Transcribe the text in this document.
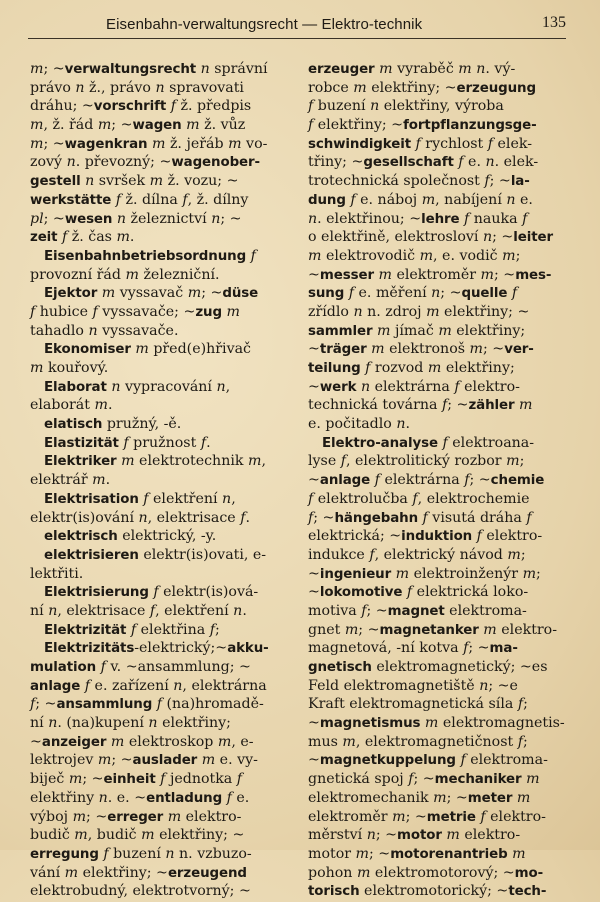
Eisenbahn-verwaltungsrecht — Elektro-technik	135
m; ~verwaltungsrecht n správní
právo n ž., právo n spravovati
dráhu; ~vorschrift f ž. předpis
m, ž. řád m; ~wagen m ž. vůz
m; ~wagenkran m ž. jeřáb m vo-
zový n. převozný; ~wagenober-
gestell n svršek m ž. vozu; ~
werkstätte f ž. dílna f, ž. dílny
pl; ~wesen n železnictví n; ~
zeit f ž. čas m.
Eisenbahnbetriebsordnung f
provozní řád m železniční.
Ejektor m vyssavač m; ~düse
f hubice f vyssavače; ~zug m
tahadlo n vyssavače.
Ekonomiser m před(e)hřivač
m kouřový.
Elaborat n vypracování n,
elaborát m.
elatisch pružný, -ě.
Elastizität f pružnost f.
Elektriker m elektrotechnik m,
elektrář m.
Elektrisation f elektření n,
elektr(is)ování n, elektrisace f.
elektrisch elektrický, -y.
elektrisieren elektr(is)ovati, e-
lektřiti.
Elektrisierung f elektr(is)ová-
ní n, elektrisace f, elektření n.
Elektrizität f elektřina f;
Elektrizitäts-elektrický;~akku-
mulation f v. ~ansammlung; ~
anlage f e. zařízení n, elektrárna
f; ~ansammlung f (na)hromadě-
ní n. (na)kupení n elektřiny;
~anzeiger m elektroskop m, e-
lektrojev m; ~auslader m e. vy-
biječ m; ~einheit f jednotka f
elektřiny n. e. ~entladung f e.
výboj m; ~erreger m elektro-
budič m, budič m elektřiny; ~
erregung f buzení n n. vzbuzo-
vání m elektřiny; ~erzeugend
elektrobudný, elektrotvorný; ~
erzeuger m vyraběč m n. vý-
robce m elektřiny; ~erzeugung
f buzení n elektřiny, výroba
f elektřiny; ~fortpflanzungsge-
schwindigkeit f rychlost f elek-
třiny; ~gesellschaft f e. n. elek-
trotechnická společnost f; ~la-
dung f e. náboj m, nabíjení n e.
n. elektřinou; ~lehre f nauka f
o elektřině, elektrosloví n; ~leiter
m elektrovodič m, e. vodič m;
~messer m elektroměr m; ~mes-
sung f e. měření n; ~quelle f
zřídlo n n. zdroj m elektřiny; ~
sammler m jímač m elektřiny;
~träger m elektronoš m; ~ver-
teilung f rozvod m elektřiny;
~werk n elektrárna f elektro-
technická továrna f; ~zähler m
e. počitadlo n.
Elektro-analyse f elektroana-
lyse f, elektrolitický rozbor m;
~anlage f elektrárna f; ~chemie
f elektrolučba f, elektrochemie
f; ~hängebahn f visutá dráha f
elektrická; ~induktion f elektro-
indukce f, elektrický návod m;
~ingenieur m elektroinženýr m;
~lokomotive f elektrická loko-
motiva f; ~magnet elektroma-
gnet m; ~magnetanker m elektro-
magnetová, -ní kotva f; ~ma-
gnetisch elektromagnetický; ~es
Feld elektromagnetiště n; ~e
Kraft elektromagnetická síla f;
~magnetismus m elektromagnetis-
mus m, elektromagnetičnost f;
~magnetkuppelung f elektroma-
gnetická spoj f; ~mechaniker m
elektromechanik m; ~meter m
elektroměr m; ~metrie f elektro-
měrství n; ~motor m elektro-
motor m; ~motorenantrieb m
pohon m elektromotorový; ~mo-
torisch elektromotorický; ~tech-
